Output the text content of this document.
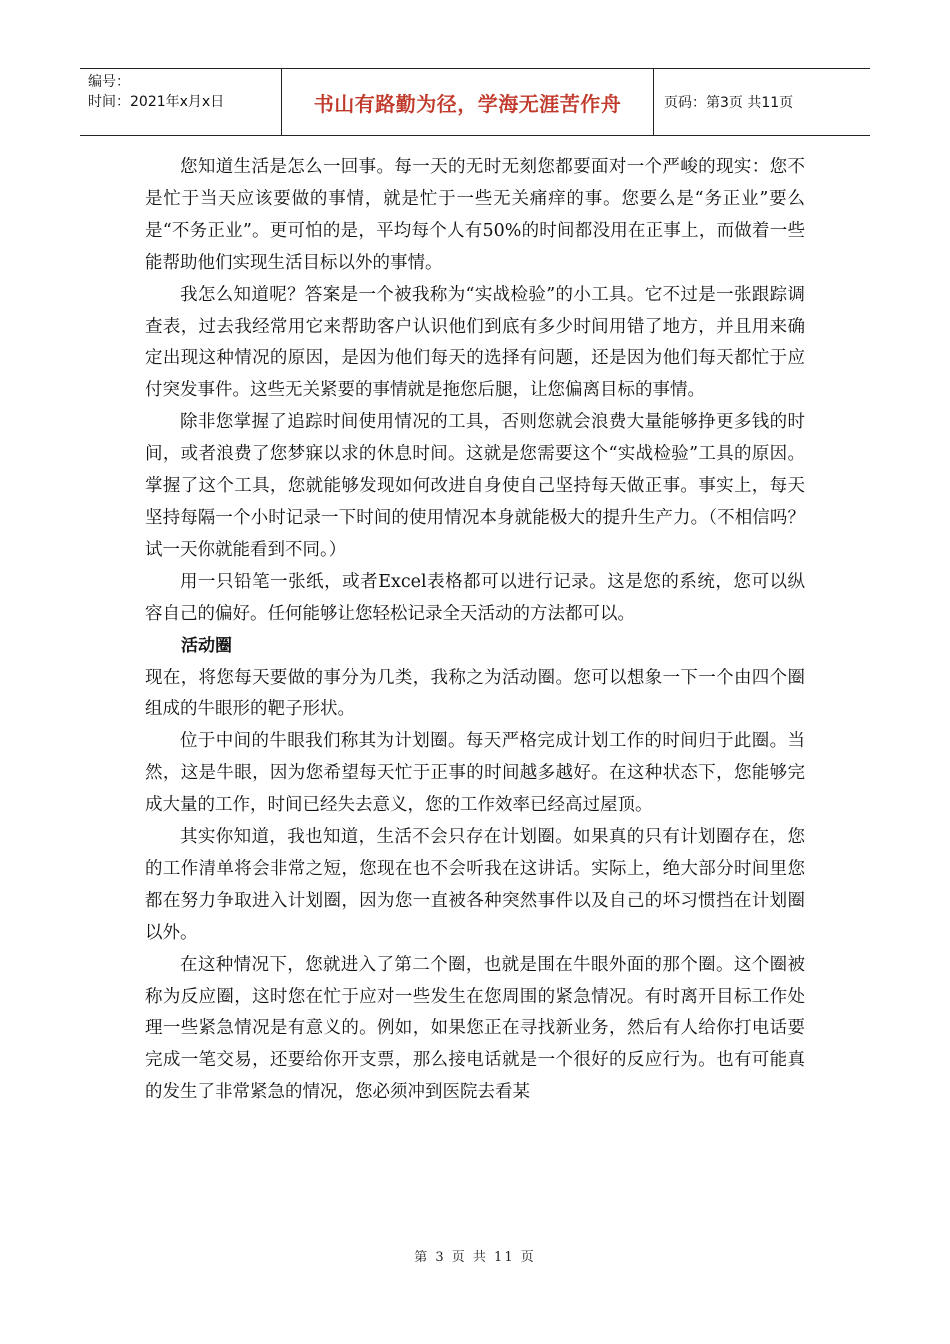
编号：
时间：2021年x月x日	书山有路勤为径，学海无涯苦作舟	页码：第3页 共11页

您知道生活是怎么一回事。每一天的无时无刻您都要面对一个严峻的现实：您不是忙于当天应该要做的事情，就是忙于一些无关痛痒的事。您要么是“务正业”要么是“不务正业”。更可怕的是，平均每个人有50%的时间都没用在正事上，而做着一些能帮助他们实现生活目标以外的事情。

我怎么知道呢？答案是一个被我称为“实战检验”的小工具。它不过是一张跟踪调查表，过去我经常用它来帮助客户认识他们到底有多少时间用错了地方，并且用来确定出现这种情况的原因，是因为他们每天的选择有问题，还是因为他们每天都忙于应付突发事件。这些无关紧要的事情就是拖您后腿，让您偏离目标的事情。

除非您掌握了追踪时间使用情况的工具，否则您就会浪费大量能够挣更多钱的时间，或者浪费了您梦寐以求的休息时间。这就是您需要这个“实战检验”工具的原因。掌握了这个工具，您就能够发现如何改进自身使自己坚持每天做正事。事实上，每天坚持每隔一个小时记录一下时间的使用情况本身就能极大的提升生产力。（不相信吗？试一天你就能看到不同。）

用一只铅笔一张纸，或者Excel表格都可以进行记录。这是您的系统，您可以纵容自己的偏好。任何能够让您轻松记录全天活动的方法都可以。

活动圈

现在，将您每天要做的事分为几类，我称之为活动圈。您可以想象一下一个由四个圈组成的牛眼形的靶子形状。

位于中间的牛眼我们称其为计划圈。每天严格完成计划工作的时间归于此圈。当然，这是牛眼，因为您希望每天忙于正事的时间越多越好。在这种状态下，您能够完成大量的工作，时间已经失去意义，您的工作效率已经高过屋顶。

其实你知道，我也知道，生活不会只存在计划圈。如果真的只有计划圈存在，您的工作清单将会非常之短，您现在也不会听我在这讲话。实际上，绝大部分时间里您都在努力争取进入计划圈，因为您一直被各种突然事件以及自己的坏习惯挡在计划圈以外。

在这种情况下，您就进入了第二个圈，也就是围在牛眼外面的那个圈。这个圈被称为反应圈，这时您在忙于应对一些发生在您周围的紧急情况。有时离开目标工作处理一些紧急情况是有意义的。例如，如果您正在寻找新业务，然后有人给你打电话要完成一笔交易，还要给你开支票，那么接电话就是一个很好的反应行为。也有可能真的发生了非常紧急的情况，您必须冲到医院去看某

第 3 页 共 11 页
